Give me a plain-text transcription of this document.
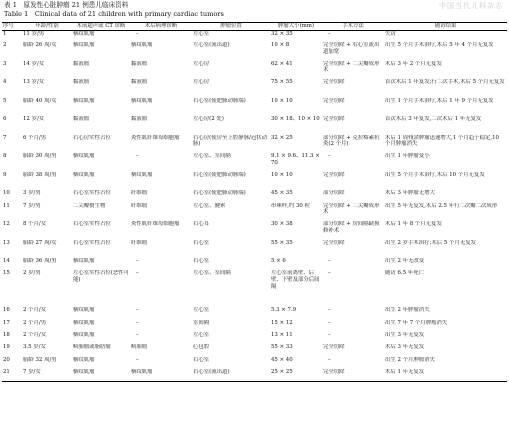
表 1　原发性心脏肿瘤 21 例患儿临床资料
Table 1　Clinical data of 21 children with primary cardiac tumors
中国当代儿科杂志
序号	年龄/性别	术前超声或 CT 诊断	术后病理诊断	肿瘤位置	肿瘤大小(mm)	手术方法	随访结果
1	11 岁/男	横纹肌瘤	–	左心室	32 × 35	–	失访
2	胎龄 26 周/女	横纹肌瘤	横纹肌瘤	左心室(流出道)	10 × 8	完全切除 + 右心室流出道加宽	出生 5 个月手术治疗,术后 5 年 4 个月无复发
3	14 岁/女	黏液瘤	黏液瘤	左心房	62 × 41	完全切除 + 二尖瓣成形术	术后 3 年 2 个月无复发
4	13 岁/女	黏液瘤	黏液瘤	左心房	75 × 55	完全切除	首次术后 1 年复发;行二次手术,术后 5 个月无复发
5	胎龄 40 周/女	横纹肌瘤	横纹肌瘤	右心室(使肥肺动脉端)	10 × 10	完全切除	出生 1 个月手术治疗,术后 1 年 9 个月无复发
6	12 岁/女	黏液瘤	黏液瘤	左心房(2 处)	30 × 18、10 × 10	完全切除	首次术后 3 年复发,二次术后 1 年无复发
7	6 个月/男	右心房实性占位	炎性肌纤维母细胞瘤	右心房(使房至上腔静脉/冠状动脉)	32 × 25	部分切除 + 克拉霉素抗炎(2 个月)	术后 1 周残余肿瘤迅速增大,1 个月趋于稳定,10 个月肿瘤消失
8	胎龄 30 周/男	横纹肌瘤	–	左心室、室间隔	9.1 × 9.6、11.3 × 70	–	出生 1 年肿瘤变小
9	胎龄 38 周/男	横纹肌瘤	横纹肌瘤	右心室(使肥肺动脉端)	10 × 10	完全切除	出生 5 个月手术治疗,术后 10 个月无复发
10	3 岁/男	右心室实性占位	纤维瘤	右心室(使肥肺动脉端)	45 × 35	部分切除	术后 3 年肿瘤无增大
11	7 岁/男	二尖瓣赘生物	纤维瘤	左心室、腱索	串珠样,约 30 粒	完全切除 + 二尖瓣成形术	出生 5 年无复发,术后 2.5 年行二次瓣二次成形
12	8 个月/女	右心室实性占位	炎性肌纤维母细胞瘤	右心耳	30 × 38	部分切除 + 房间隔缺损修补术	术后 1 年 8 个月无复发
13	胎龄 27 周/女	右心室实性占位	纤维瘤	右心室	55 × 35	完全切除	出生 2 岁手术治疗;术后 5 个月无复发
14	胎龄 36 周/男	横纹肌瘤	–	右心室	5 × 6	–	出生 2 年无改变
15	2 岁/男	左心室实性占位(恶性可能)	–	左心室、室间隔	左心室前离壁、后壁、下壁及部分后间隔	–	随访 6.5 年死亡
16	2 个月/女	横纹肌瘤	–	左心室	5.3 × 7.9	–	出生 2 年肿瘤消失
17	2 个月/男	横纹肌瘤	–	室间隔	15 × 12	–	出生 7 年 7 个月肿瘤消失
18	2 个月/女	横纹肌瘤	–	左心室	13 × 11	–	出生 3 年无复发
19	3.5 岁/女	畸胎瘤或脂肪瘤	畸胎瘤	心包腔	55 × 33	完全切除	术后 3 年无复发
20	胎龄 32 周/男	横纹肌瘤	–	右心室	45 × 40	–	出生 2 个月肿瘤消失
21	7 岁/女	横纹肌瘤	横纹肌瘤	右心室(流出道)	25 × 25	完全切除	术后 1 年无复发
